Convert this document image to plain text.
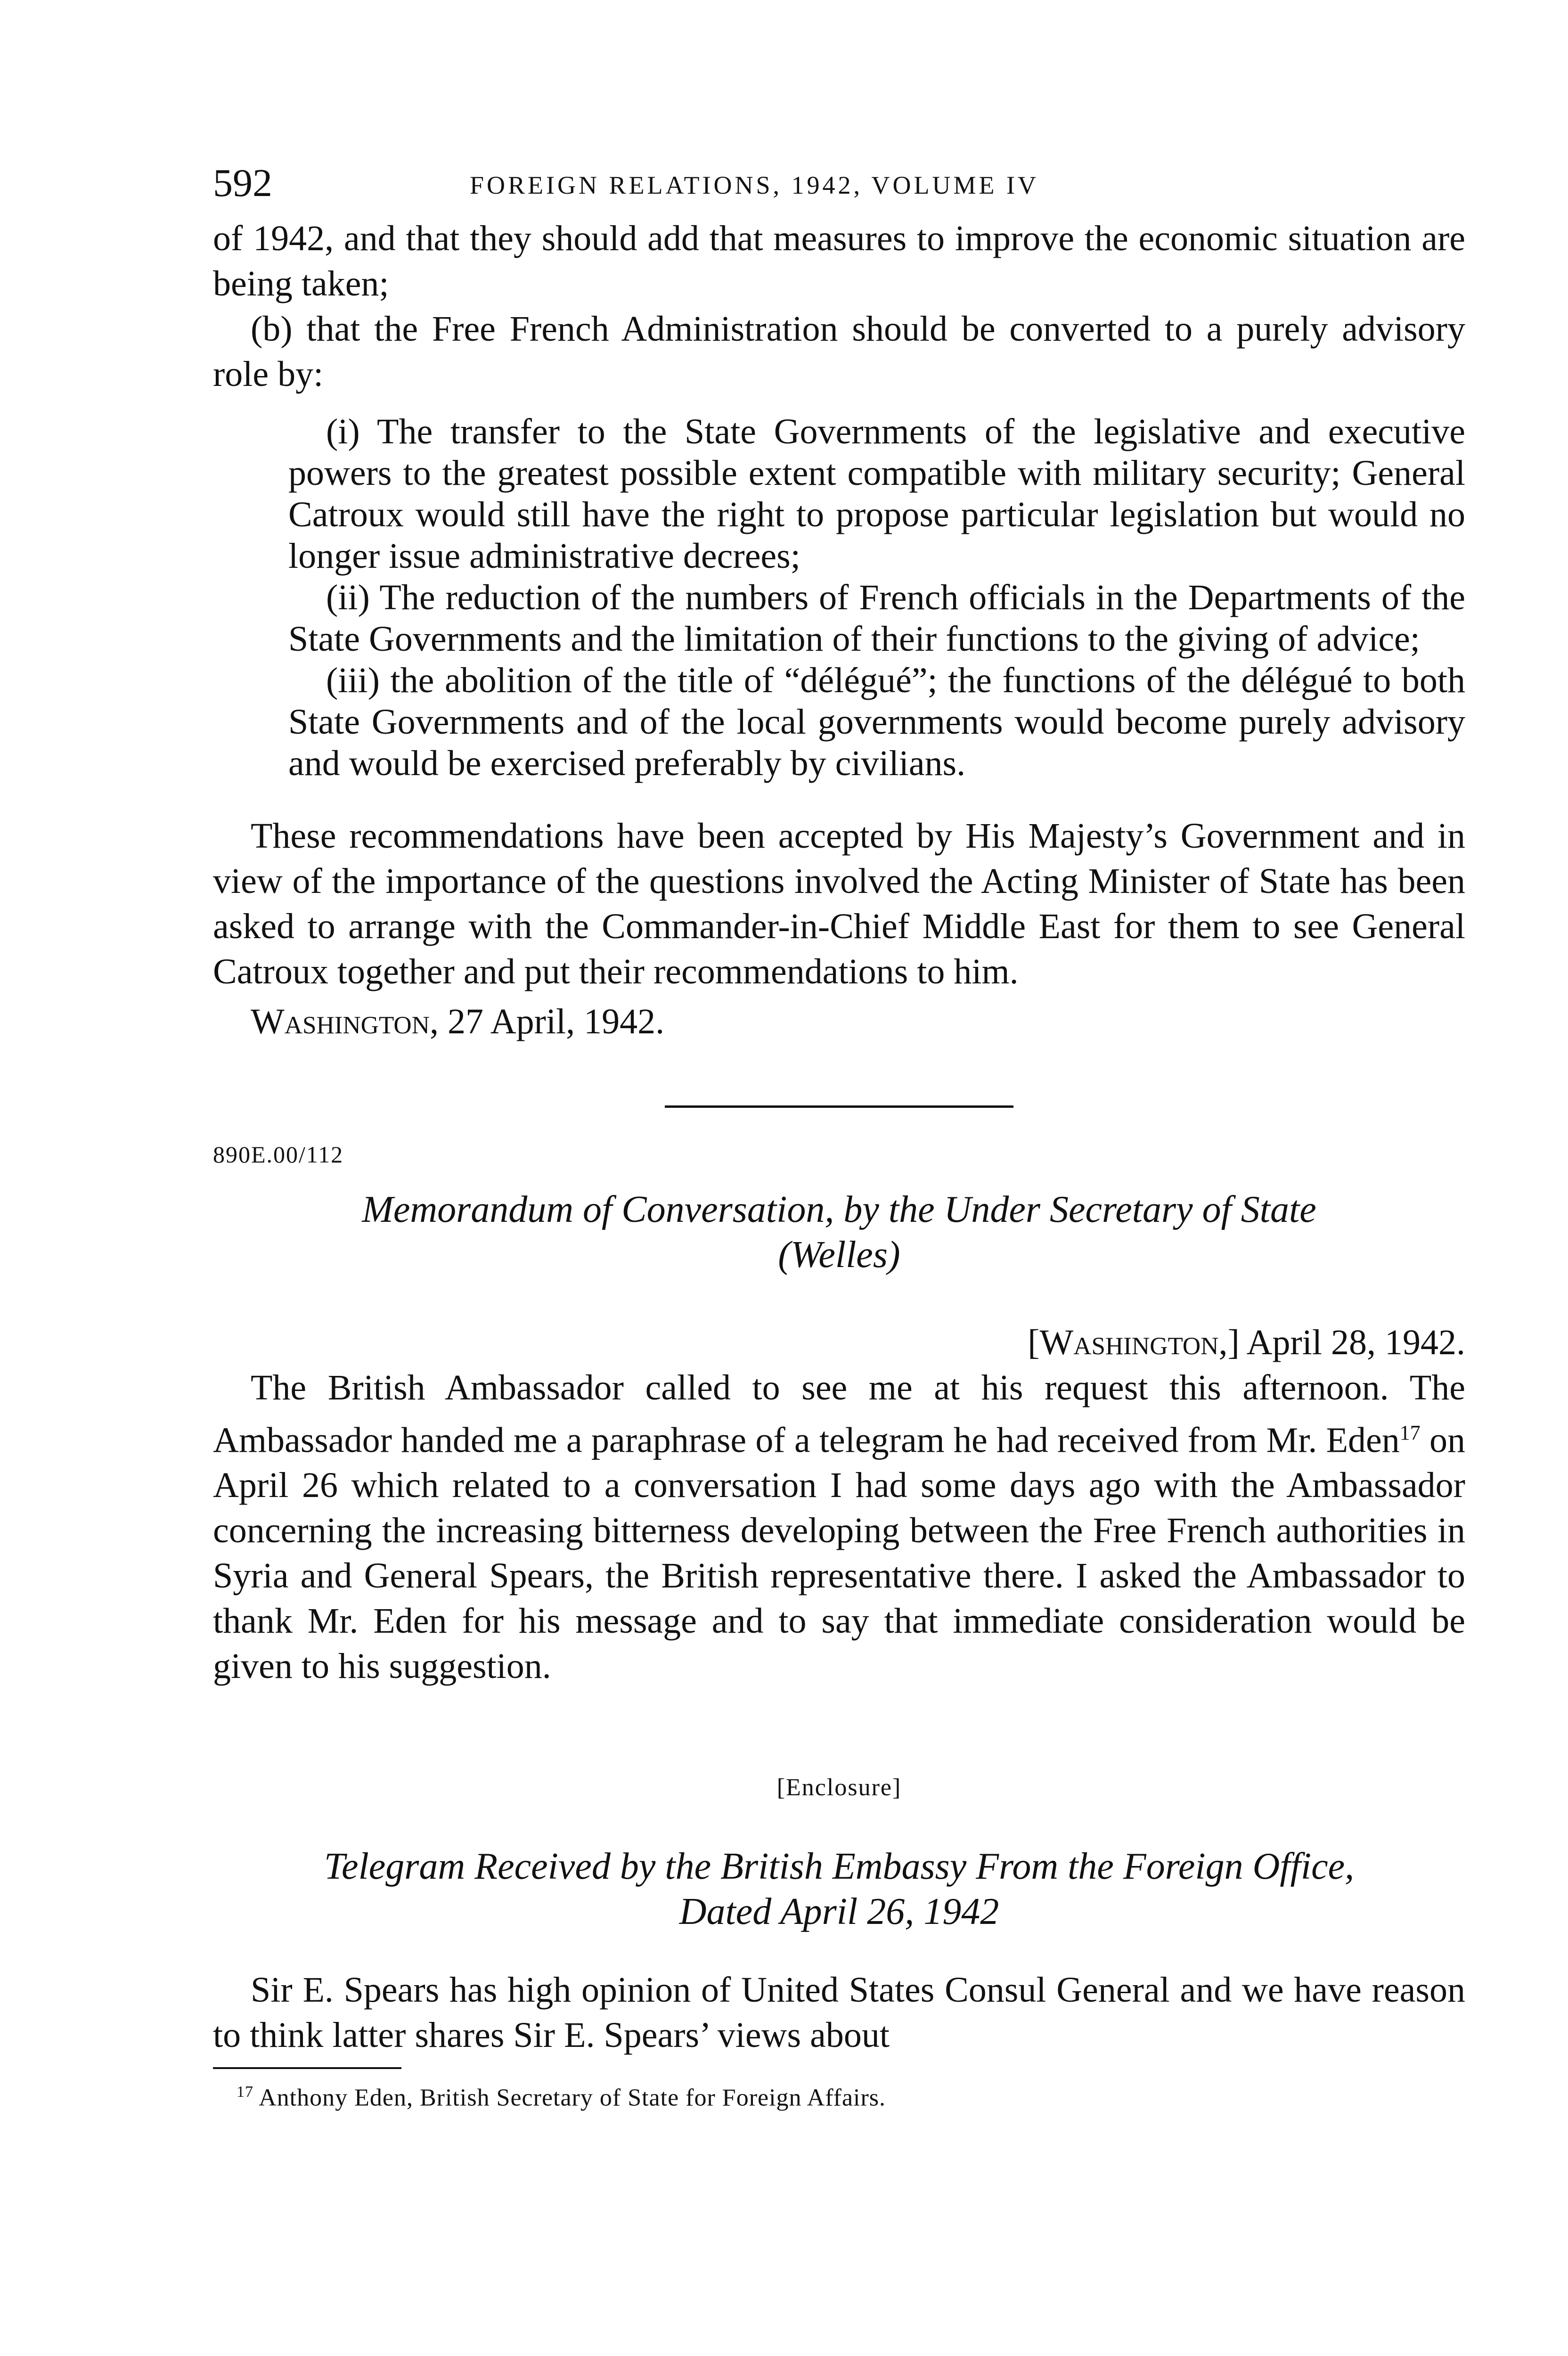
592	FOREIGN RELATIONS, 1942, VOLUME IV

of 1942, and that they should add that measures to improve the economic situation are being taken;

(b) that the Free French Administration should be converted to a purely advisory role by:

(i) The transfer to the State Governments of the legislative and executive powers to the greatest possible extent compatible with military security; General Catroux would still have the right to propose particular legislation but would no longer issue administrative decrees;

(ii) The reduction of the numbers of French officials in the Departments of the State Governments and the limitation of their functions to the giving of advice;

(iii) the abolition of the title of “délégué”; the functions of the délégué to both State Governments and of the local governments would become purely advisory and would be exercised preferably by civilians.

These recommendations have been accepted by His Majesty’s Government and in view of the importance of the questions involved the Acting Minister of State has been asked to arrange with the Commander-in-Chief Middle East for them to see General Catroux together and put their recommendations to him.

Washington, 27 April, 1942.
890E.00/112
Memorandum of Conversation, by the Under Secretary of State
(Welles)
[Washington,] April 28, 1942.

The British Ambassador called to see me at his request this afternoon. The Ambassador handed me a paraphrase of a telegram he had received from Mr. Eden$^{17}$ on April 26 which related to a conversation I had some days ago with the Ambassador concerning the increasing bitterness developing between the Free French authorities in Syria and General Spears, the British representative there. I asked the Ambassador to thank Mr. Eden for his message and to say that immediate consideration would be given to his suggestion.

[Enclosure]
Telegram Received by the British Embassy From the Foreign Office,
Dated April 26, 1942

Sir E. Spears has high opinion of United States Consul General and we have reason to think latter shares Sir E. Spears’ views about

$^{17}$ Anthony Eden, British Secretary of State for Foreign Affairs.
